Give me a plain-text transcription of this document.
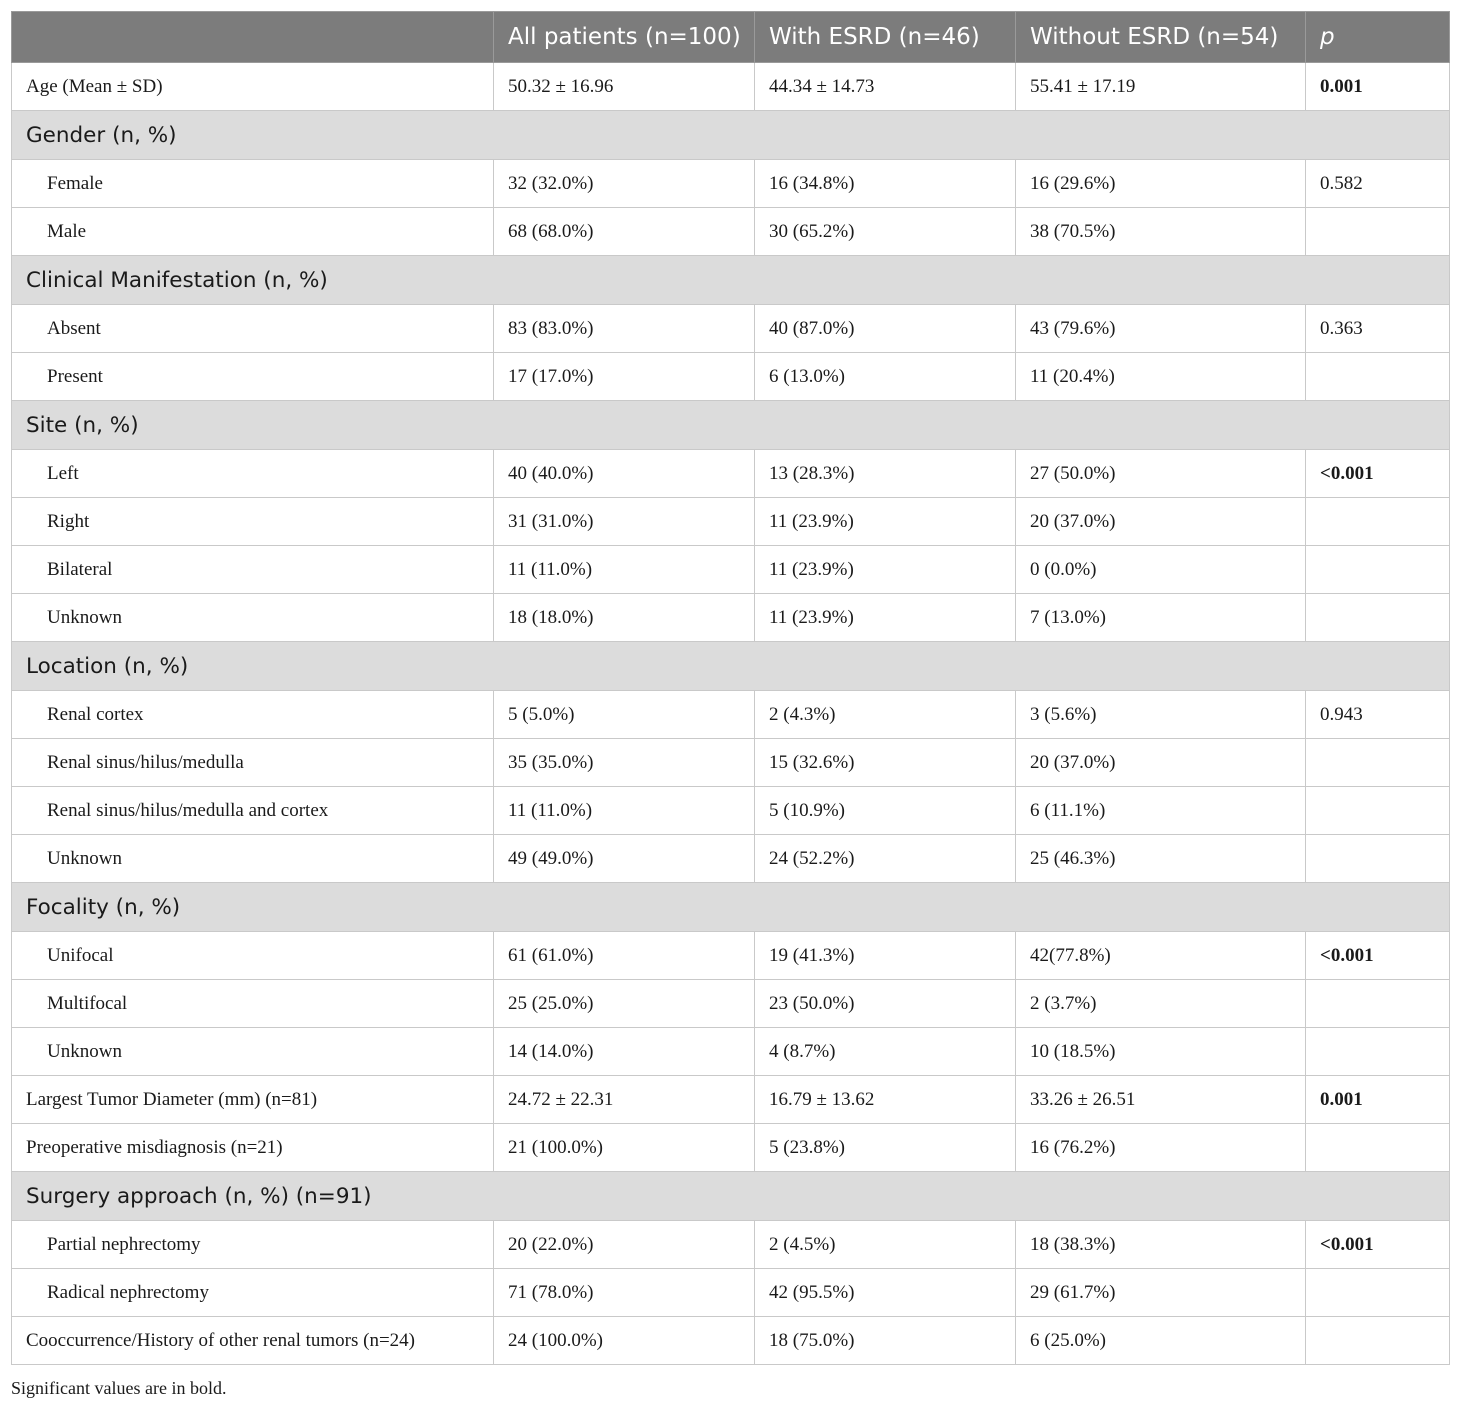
	All patients (n=100)	With ESRD (n=46)	Without ESRD (n=54)	p
Age (Mean ± SD)	50.32 ± 16.96	44.34 ± 14.73	55.41 ± 17.19	0.001
Gender (n, %)				
Female	32 (32.0%)	16 (34.8%)	16 (29.6%)	0.582
Male	68 (68.0%)	30 (65.2%)	38 (70.5%)	
Clinical Manifestation (n, %)				
Absent	83 (83.0%)	40 (87.0%)	43 (79.6%)	0.363
Present	17 (17.0%)	6 (13.0%)	11 (20.4%)	
Site (n, %)				
Left	40 (40.0%)	13 (28.3%)	27 (50.0%)	<0.001
Right	31 (31.0%)	11 (23.9%)	20 (37.0%)	
Bilateral	11 (11.0%)	11 (23.9%)	0 (0.0%)	
Unknown	18 (18.0%)	11 (23.9%)	7 (13.0%)	
Location (n, %)				
Renal cortex	5 (5.0%)	2 (4.3%)	3 (5.6%)	0.943
Renal sinus/hilus/medulla	35 (35.0%)	15 (32.6%)	20 (37.0%)	
Renal sinus/hilus/medulla and cortex	11 (11.0%)	5 (10.9%)	6 (11.1%)	
Unknown	49 (49.0%)	24 (52.2%)	25 (46.3%)	
Focality (n, %)				
Unifocal	61 (61.0%)	19 (41.3%)	42(77.8%)	<0.001
Multifocal	25 (25.0%)	23 (50.0%)	2 (3.7%)	
Unknown	14 (14.0%)	4 (8.7%)	10 (18.5%)	
Largest Tumor Diameter (mm) (n=81)	24.72 ± 22.31	16.79 ± 13.62	33.26 ± 26.51	0.001
Preoperative misdiagnosis (n=21)	21 (100.0%)	5 (23.8%)	16 (76.2%)	
Surgery approach (n, %) (n=91)				
Partial nephrectomy	20 (22.0%)	2 (4.5%)	18 (38.3%)	<0.001
Radical nephrectomy	71 (78.0%)	42 (95.5%)	29 (61.7%)	
Cooccurrence/History of other renal tumors (n=24)	24 (100.0%)	18 (75.0%)	6 (25.0%)	
Significant values are in bold.
